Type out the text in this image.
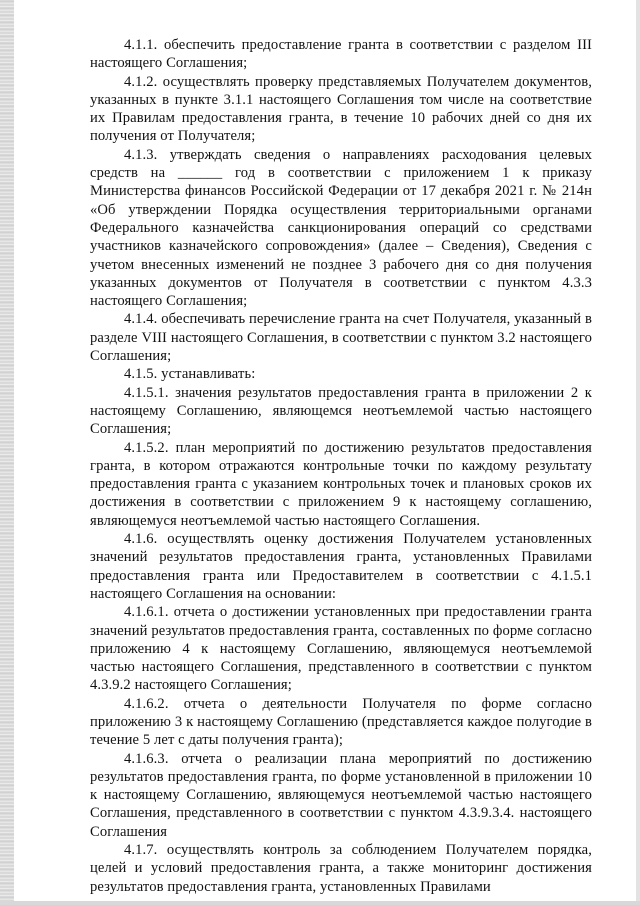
4.1.1. обеспечить предоставление гранта в соответствии с разделом III настоящего Соглашения;

4.1.2. осуществлять проверку представляемых Получателем документов, указанных в пункте 3.1.1 настоящего Соглашения том числе на соответствие их Правилам предоставления гранта, в течение 10 рабочих дней со дня их получения от Получателя;

4.1.3. утверждать сведения о направлениях расходования целевых средств на ______ год в соответствии с приложением 1 к приказу Министерства финансов Российской Федерации от 17 декабря 2021 г. № 214н «Об утверждении Порядка осуществления территориальными органами Федерального казначейства санкционирования операций со средствами участников казначейского сопровождения» (далее – Сведения), Сведения с учетом внесенных изменений не позднее 3 рабочего дня со дня получения указанных документов от Получателя в соответствии с пунктом 4.3.3 настоящего Соглашения;

4.1.4. обеспечивать перечисление гранта на счет Получателя, указанный в разделе VIII настоящего Соглашения, в соответствии с пунктом 3.2 настоящего Соглашения;

4.1.5. устанавливать:

4.1.5.1. значения результатов предоставления гранта в приложении 2 к настоящему Соглашению, являющемся неотъемлемой частью настоящего Соглашения;

4.1.5.2. план мероприятий по достижению результатов предоставления гранта, в котором отражаются контрольные точки по каждому результату предоставления гранта с указанием контрольных точек и плановых сроков их достижения в соответствии с приложением 9 к настоящему соглашению, являющемуся неотъемлемой частью настоящего Соглашения.

4.1.6. осуществлять оценку достижения Получателем установленных значений результатов предоставления гранта, установленных Правилами предоставления гранта или Предоставителем в соответствии с 4.1.5.1 настоящего Соглашения на основании:

4.1.6.1. отчета о достижении установленных при предоставлении гранта значений результатов предоставления гранта, составленных по форме согласно приложению 4 к настоящему Соглашению, являющемуся неотъемлемой частью настоящего Соглашения, представленного в соответствии с пунктом 4.3.9.2 настоящего Соглашения;

4.1.6.2. отчета о деятельности Получателя по форме согласно приложению 3 к настоящему Соглашению (представляется каждое полугодие в течение 5 лет с даты получения гранта);

4.1.6.3. отчета о реализации плана мероприятий по достижению результатов предоставления гранта, по форме установленной в приложении 10 к настоящему Соглашению, являющемуся неотъемлемой частью настоящего Соглашения, представленного в соответствии с пунктом 4.3.9.3.4. настоящего Соглашения

4.1.7. осуществлять контроль за соблюдением Получателем порядка, целей и условий предоставления гранта, а также мониторинг достижения результатов предоставления гранта, установленных Правилами
